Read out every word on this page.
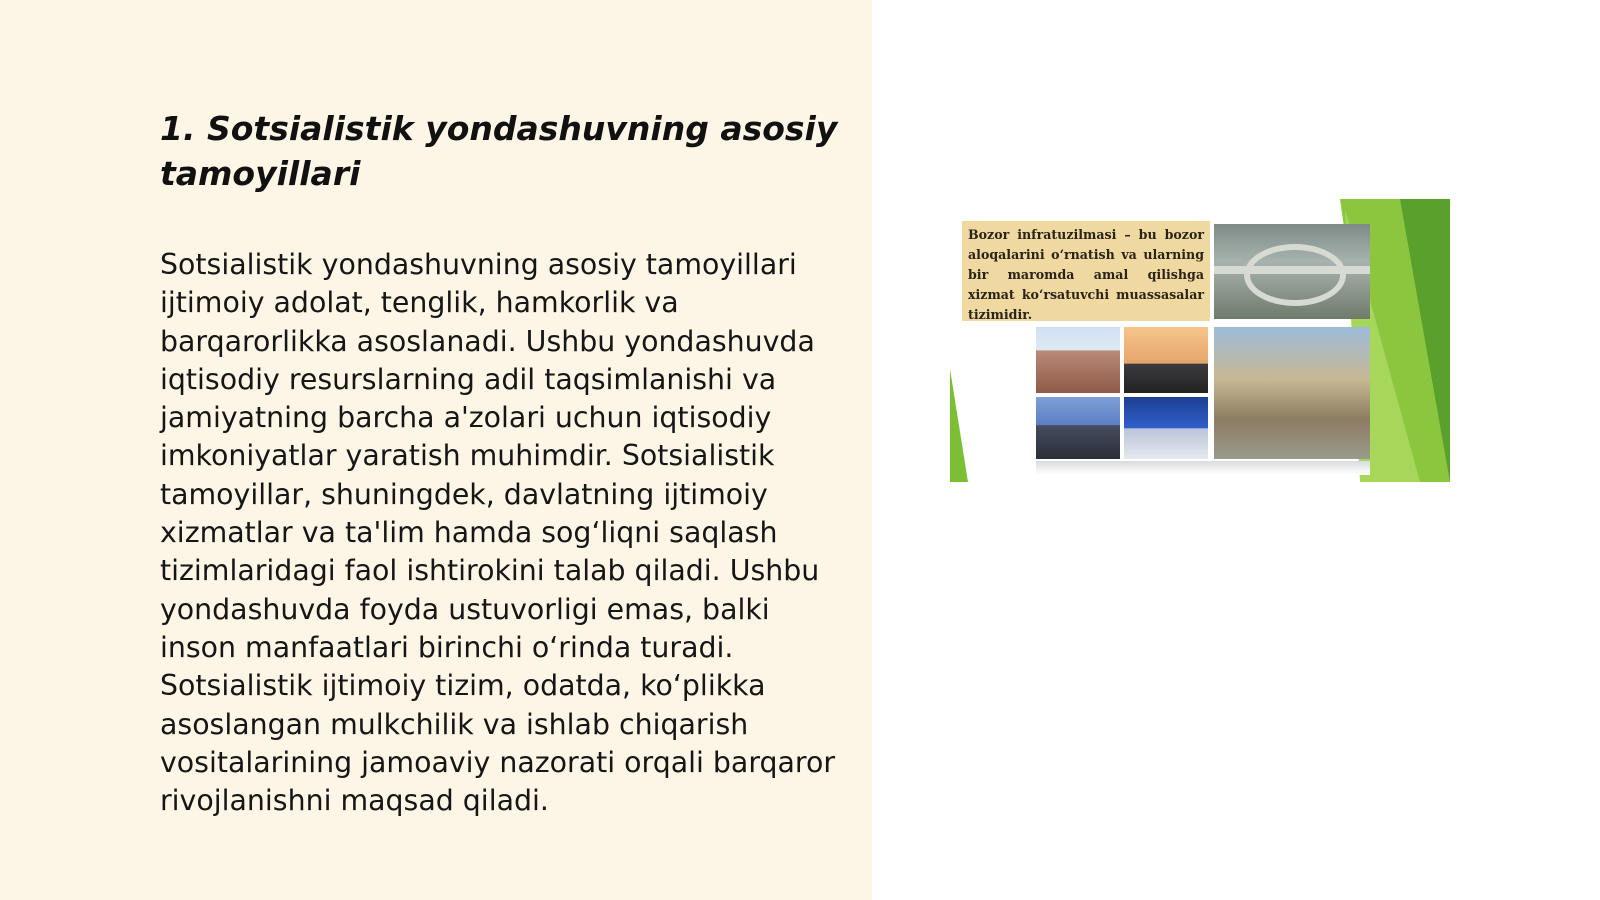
1. Sotsialistik yondashuvning asosiy tamoyillari

Sotsialistik yondashuvning asosiy tamoyillari ijtimoiy adolat, tenglik, hamkorlik va barqarorlikka asoslanadi. Ushbu yondashuvda iqtisodiy resurslarning adil taqsimlanishi va jamiyatning barcha a'zolari uchun iqtisodiy imkoniyatlar yaratish muhimdir. Sotsialistik tamoyillar, shuningdek, davlatning ijtimoiy xizmatlar va ta'lim hamda sog‘liqni saqlash tizimlaridagi faol ishtirokini talab qiladi. Ushbu yondashuvda foyda ustuvorligi emas, balki inson manfaatlari birinchi o‘rinda turadi. Sotsialistik ijtimoiy tizim, odatda, ko‘plikka asoslangan mulkchilik va ishlab chiqarish vositalarining jamoaviy nazorati orqali barqaror rivojlanishni maqsad qiladi.

Bozor infratuzilmasi – bu bozor aloqalarini o‘rnatish va ularning bir maromda amal qilishga xizmat ko‘rsatuvchi muassasalar tizimidir.
